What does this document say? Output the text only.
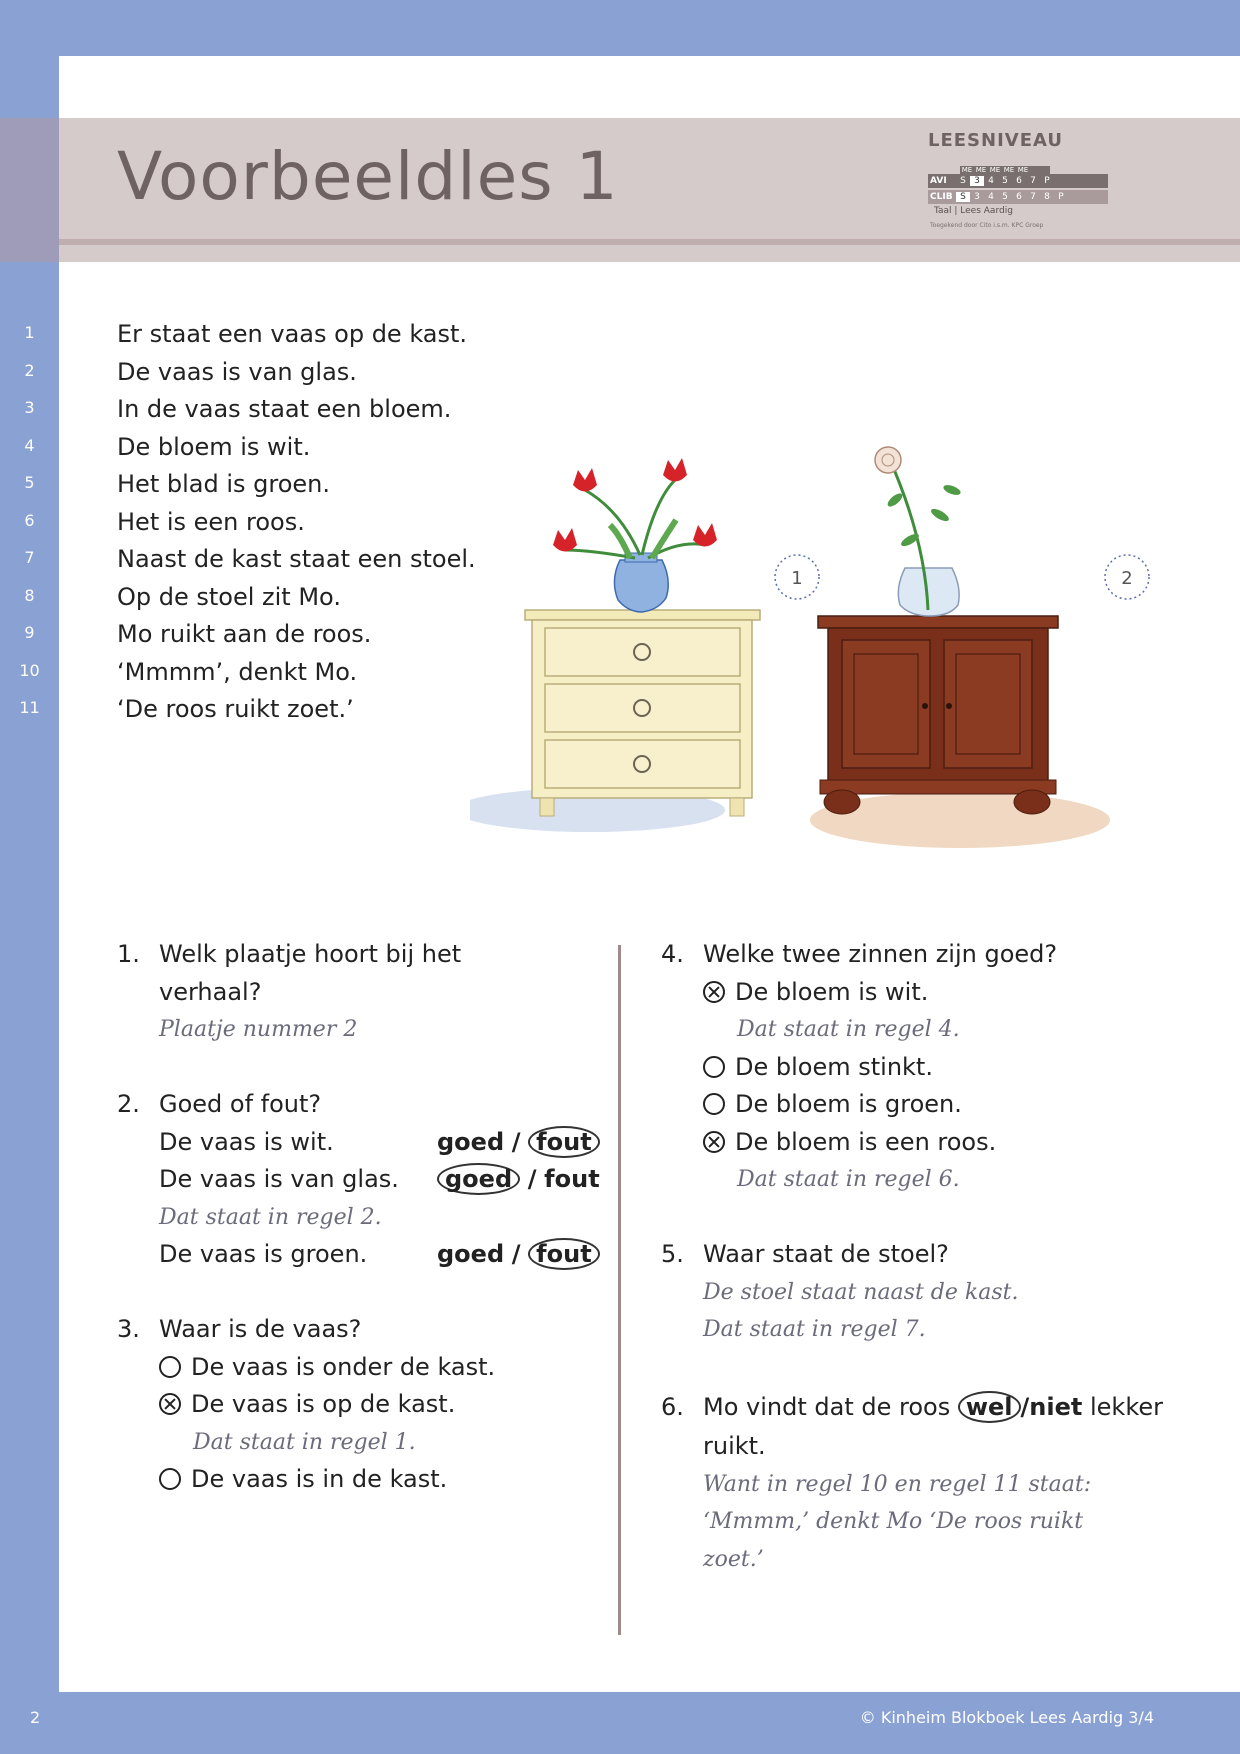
Voorbeeldles 1	LEESNIVEAU
ME ME ME ME ME
AVI	S 3 4 5 6 7 P
CLIB S 3 4 5 6 7 8 P
Taal | Lees Aardig
Toegekend door Cito i.s.m. KPC Groep
1
2
3
4
5
6
7
8
9
10
11
Er staat een vaas op de kast.
De vaas is van glas.
In de vaas staat een bloem.
De bloem is wit.
Het blad is groen.
Het is een roos.
Naast de kast staat een stoel.
Op de stoel zit Mo.
Mo ruikt aan de roos.
‘Mmmm’, denkt Mo.
‘De roos ruikt zoet.’
1	2
1. Welk plaatje hoort bij het
verhaal?
Plaatje nummer 2
2. Goed of fout?
De vaas is wit.	goed / fout
De vaas is van glas.	goed / fout
Dat staat in regel 2.
De vaas is groen.	goed / fout
3. Waar is de vaas?
De vaas is onder de kast.
De vaas is op de kast.
Dat staat in regel 1.
De vaas is in de kast.
4. Welke twee zinnen zijn goed?
De bloem is wit.
Dat staat in regel 4.
De bloem stinkt.
De bloem is groen.
De bloem is een roos.
Dat staat in regel 6.
5. Waar staat de stoel?
De stoel staat naast de kast.
Dat staat in regel 7.
6. Mo vindt dat de roos wel /niet lekker
ruikt.
Want in regel 10 en regel 11 staat:
‘Mmmm,’ denkt Mo ‘De roos ruikt
zoet.’
2	© Kinheim Blokboek Lees Aardig 3/4
